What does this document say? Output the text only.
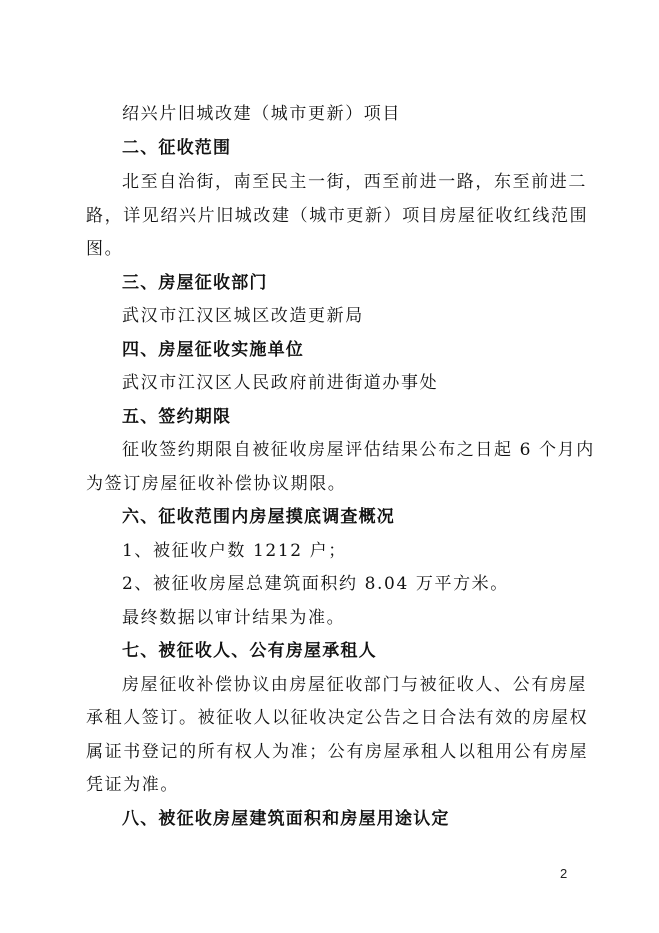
绍兴片旧城改建（城市更新）项目
二、征收范围
北至自治街，南至民主一街，西至前进一路，东至前进二
路，详见绍兴片旧城改建（城市更新）项目房屋征收红线范围
图。
三、房屋征收部门
武汉市江汉区城区改造更新局
四、房屋征收实施单位
武汉市江汉区人民政府前进街道办事处
五、签约期限
征收签约期限自被征收房屋评估结果公布之日起 6 个月内
为签订房屋征收补偿协议期限。
六、征收范围内房屋摸底调查概况
1、被征收户数 1212 户；
2、被征收房屋总建筑面积约 8.04 万平方米。
最终数据以审计结果为准。
七、被征收人、公有房屋承租人
房屋征收补偿协议由房屋征收部门与被征收人、公有房屋
承租人签订。被征收人以征收决定公告之日合法有效的房屋权
属证书登记的所有权人为准；公有房屋承租人以租用公有房屋
凭证为准。
八、被征收房屋建筑面积和房屋用途认定
2
